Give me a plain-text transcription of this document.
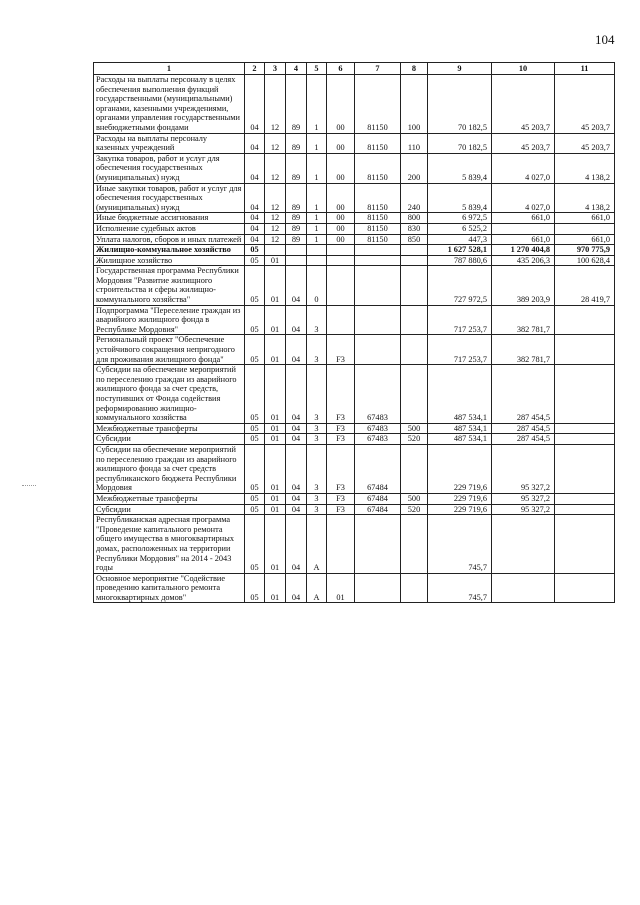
104
1	2	3	4	5	6	7	8	9	10	11
Расходы на выплаты персоналу в целях обеспечения выполнения функций государственными (муниципальными) органами, казенными учреждениями, органами управления государственными внебюджетными фондами	04	12	89	1	00	81150	100	70 182,5	45 203,7	45 203,7
Расходы на выплаты персоналу казенных учреждений	04	12	89	1	00	81150	110	70 182,5	45 203,7	45 203,7
Закупка товаров, работ и услуг для обеспечения государственных (муниципальных) нужд	04	12	89	1	00	81150	200	5 839,4	4 027,0	4 138,2
Иные закупки товаров, работ и услуг для обеспечения государственных (муниципальных) нужд	04	12	89	1	00	81150	240	5 839,4	4 027,0	4 138,2
Иные бюджетные ассигнования	04	12	89	1	00	81150	800	6 972,5	661,0	661,0
Исполнение судебных актов	04	12	89	1	00	81150	830	6 525,2		
Уплата налогов, сборов и иных платежей	04	12	89	1	00	81150	850	447,3	661,0	661,0
Жилищно-коммунальное хозяйство	05							1 627 528,1	1 270 404,8	970 775,9
Жилищное хозяйство	05	01						787 880,6	435 206,3	100 628,4
Государственная программа Республики Мордовия "Развитие жилищного строительства и сферы жилищно-коммунального хозяйства"	05	01	04	0				727 972,5	389 203,9	28 419,7
Подпрограмма "Переселение граждан из аварийного жилищного фонда в Республике Мордовия"	05	01	04	3				717 253,7	382 781,7	
Региональный проект "Обеспечение устойчивого сокращения непригодного для проживания жилищного фонда"	05	01	04	3	F3			717 253,7	382 781,7	
Субсидии на обеспечение мероприятий по переселению граждан из аварийного жилищного фонда за счет средств, поступивших от Фонда содействия реформированию жилищно-коммунального хозяйства	05	01	04	3	F3	67483		487 534,1	287 454,5	
Межбюджетные трансферты	05	01	04	3	F3	67483	500	487 534,1	287 454,5	
Субсидии	05	01	04	3	F3	67483	520	487 534,1	287 454,5	
Субсидии на обеспечение мероприятий по переселению граждан из аварийного жилищного фонда за счет средств республиканского бюджета Республики Мордовия	05	01	04	3	F3	67484		229 719,6	95 327,2	
Межбюджетные трансферты	05	01	04	3	F3	67484	500	229 719,6	95 327,2	
Субсидии	05	01	04	3	F3	67484	520	229 719,6	95 327,2	
Республиканская адресная программа "Проведение капитального ремонта общего имущества в многоквартирных домах, расположенных на территории Республики Мордовия" на 2014 - 2043 годы	05	01	04	А				745,7		
Основное мероприятие "Содействие проведению капитального ремонта многоквартирных домов"	05	01	04	А	01			745,7		
